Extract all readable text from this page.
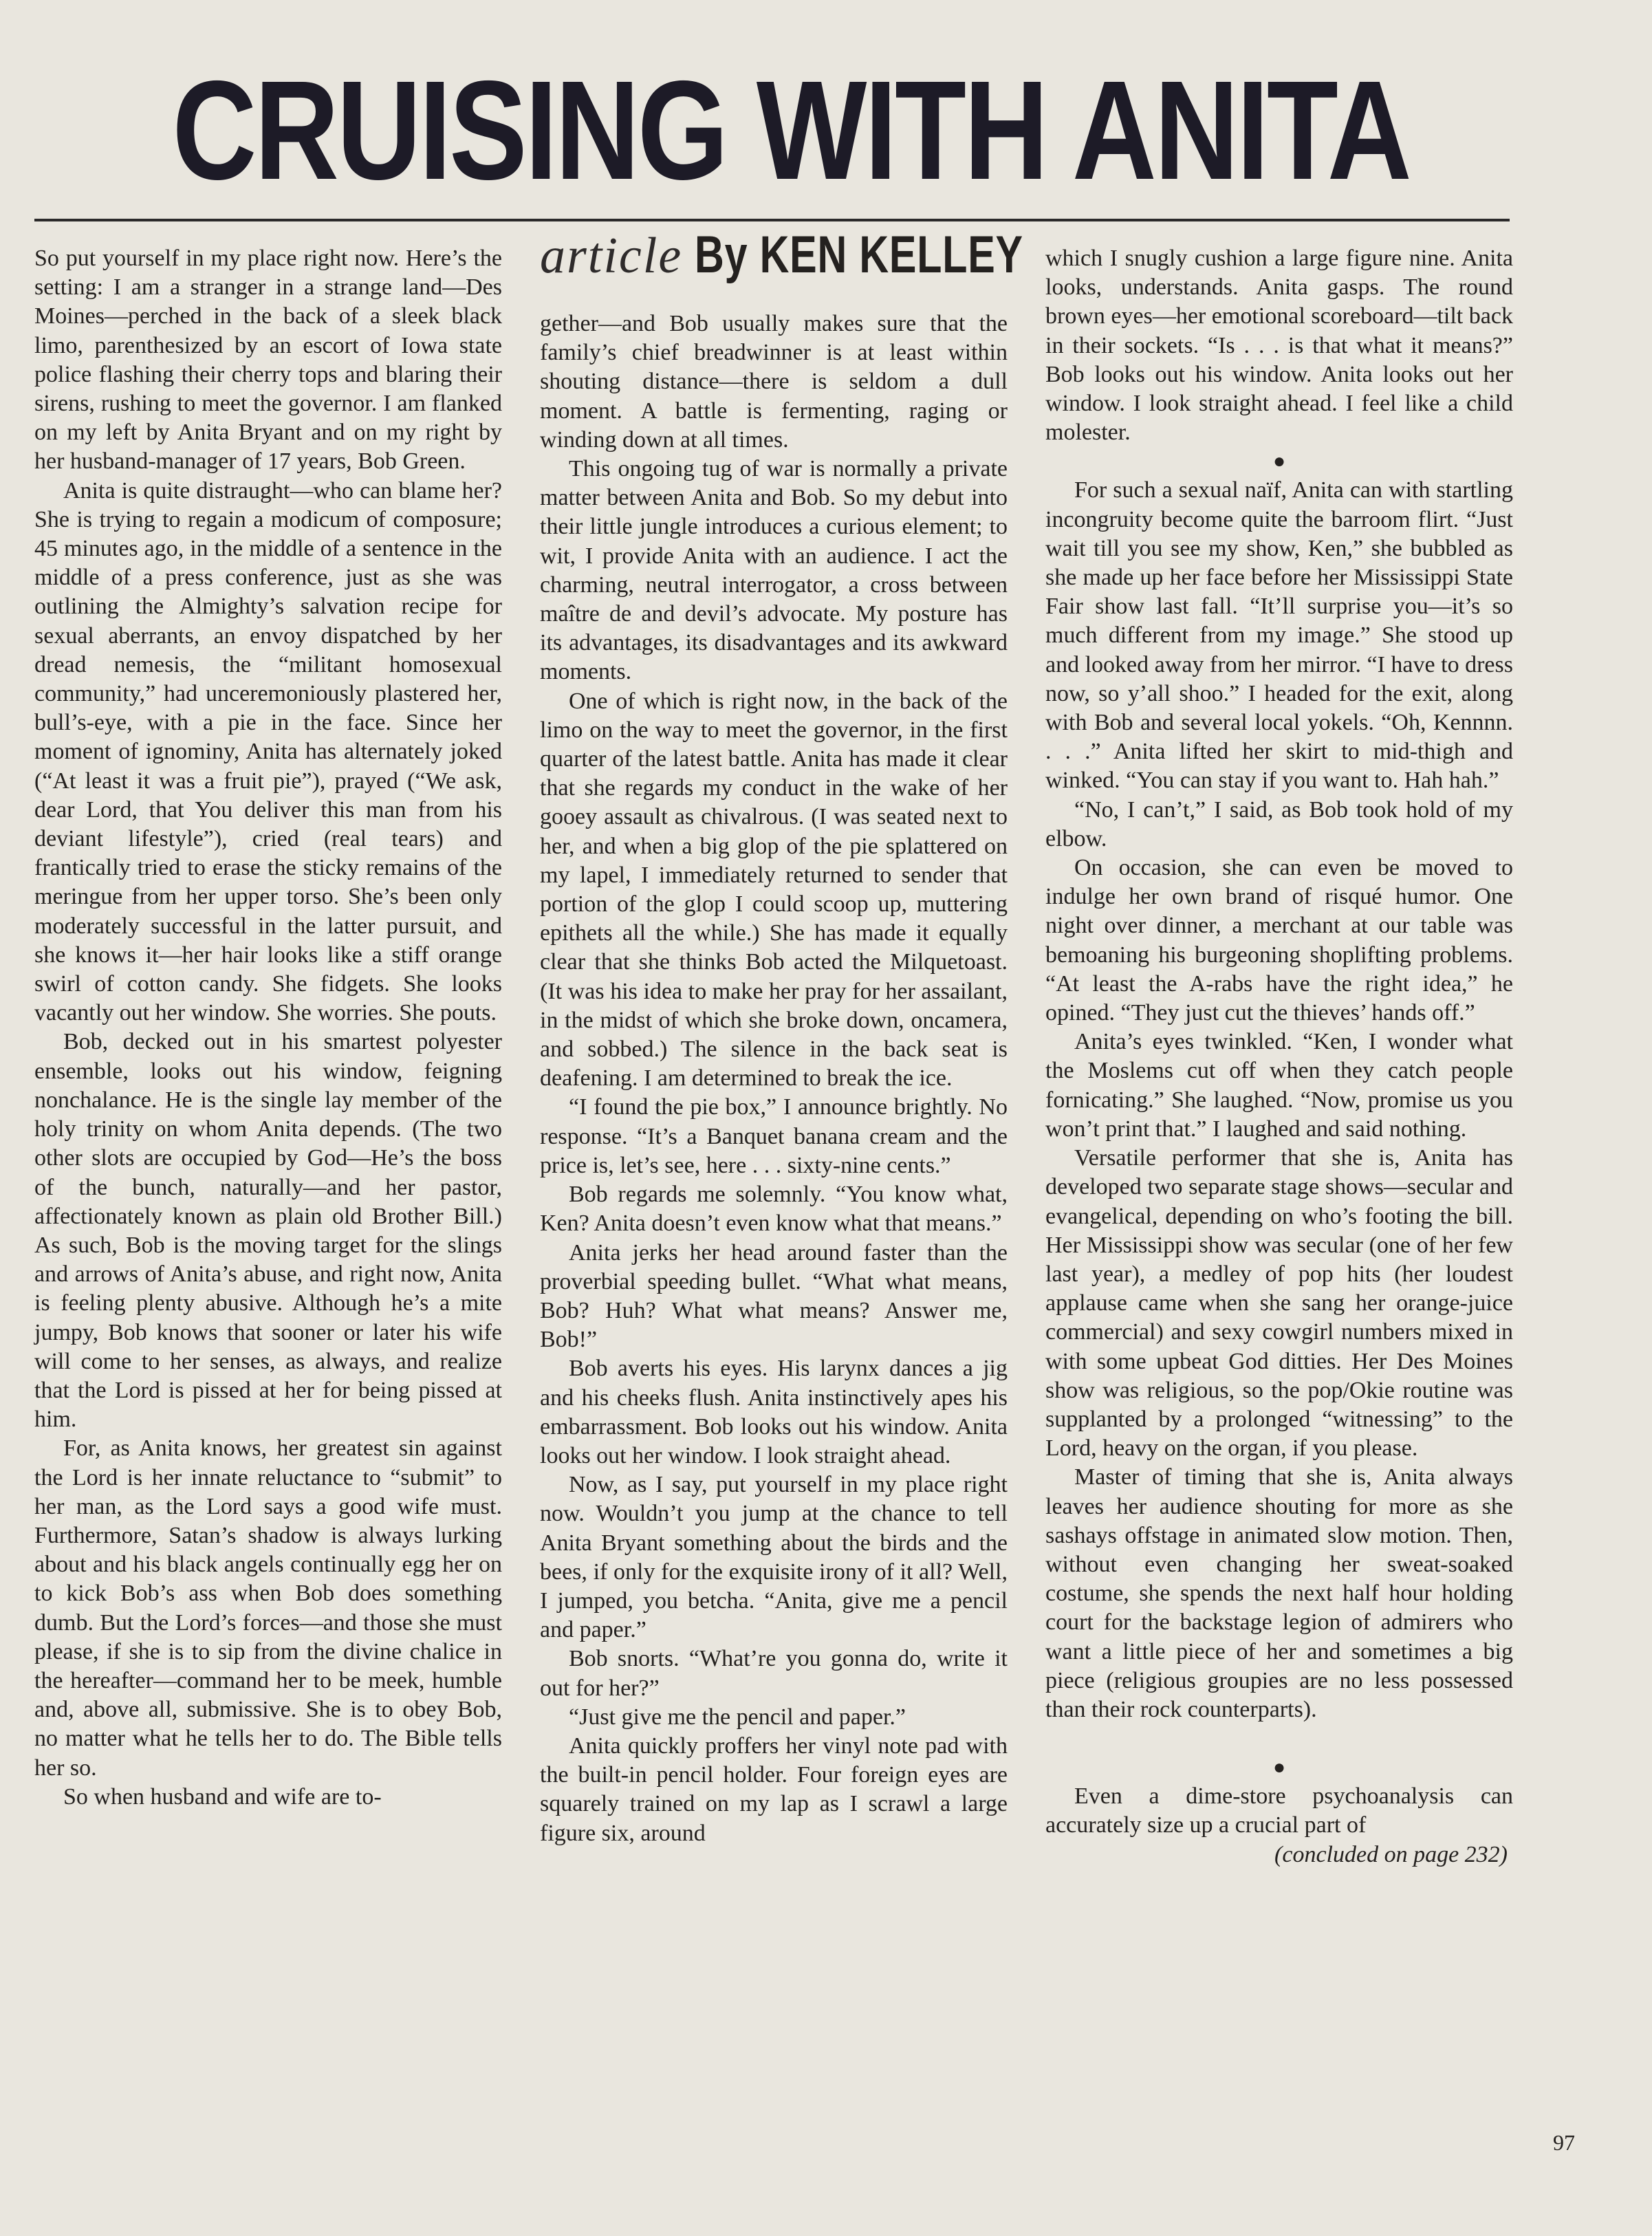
CRUISING WITH ANITA

So put yourself in my place right now. Here’s the setting: I am a stranger in a strange land—Des Moines—perched in the back of a sleek black limo, parenthesized by an escort of Iowa state police flashing their cherry tops and blaring their sirens, rushing to meet the governor. I am flanked on my left by Anita Bryant and on my right by her husband-manager of 17 years, Bob Green.

Anita is quite distraught—who can blame her? She is trying to regain a modicum of composure; 45 minutes ago, in the middle of a sentence in the middle of a press conference, just as she was outlining the Almighty’s salvation recipe for sexual aberrants, an envoy dispatched by her dread nemesis, the “militant homosexual community,” had unceremoniously plastered her, bull’s-eye, with a pie in the face. Since her moment of ignominy, Anita has alternately joked (“At least it was a fruit pie”), prayed (“We ask, dear Lord, that You deliver this man from his deviant lifestyle”), cried (real tears) and frantically tried to erase the sticky remains of the meringue from her upper torso. She’s been only moderately successful in the latter pursuit, and she knows it—her hair looks like a stiff orange swirl of cotton candy. She fidgets. She looks vacantly out her window. She worries. She pouts.

Bob, decked out in his smartest polyester ensemble, looks out his window, feigning nonchalance. He is the single lay member of the holy trinity on whom Anita depends. (The two other slots are occupied by God—He’s the boss of the bunch, naturally—and her pastor, affectionately known as plain old Brother Bill.) As such, Bob is the moving target for the slings and arrows of Anita’s abuse, and right now, Anita is feeling plenty abusive. Although he’s a mite jumpy, Bob knows that sooner or later his wife will come to her senses, as always, and realize that the Lord is pissed at her for being pissed at him.

For, as Anita knows, her greatest sin against the Lord is her innate reluctance to “submit” to her man, as the Lord says a good wife must. Furthermore, Satan’s shadow is always lurking about and his black angels continually egg her on to kick Bob’s ass when Bob does something dumb. But the Lord’s forces—and those she must please, if she is to sip from the divine chalice in the hereafter—command her to be meek, humble and, above all, submissive. She is to obey Bob, no matter what he tells her to do. The Bible tells her so.

So when husband and wife are to-

article By KEN KELLEY

gether—and Bob usually makes sure that the family’s chief breadwinner is at least within shouting distance—there is seldom a dull moment. A battle is fermenting, raging or winding down at all times.

This ongoing tug of war is normally a private matter between Anita and Bob. So my debut into their little jungle introduces a curious element; to wit, I provide Anita with an audience. I act the charming, neutral interrogator, a cross between maître de and devil’s advocate. My posture has its advantages, its disadvantages and its awkward moments.

One of which is right now, in the back of the limo on the way to meet the governor, in the first quarter of the latest battle. Anita has made it clear that she regards my conduct in the wake of her gooey assault as chivalrous. (I was seated next to her, and when a big glop of the pie splattered on my lapel, I immediately returned to sender that portion of the glop I could scoop up, muttering epithets all the while.) She has made it equally clear that she thinks Bob acted the Milquetoast. (It was his idea to make her pray for her assailant, in the midst of which she broke down, oncamera, and sobbed.) The silence in the back seat is deafening. I am determined to break the ice.

“I found the pie box,” I announce brightly. No response. “It’s a Banquet banana cream and the price is, let’s see, here . . . sixty-nine cents.”

Bob regards me solemnly. “You know what, Ken? Anita doesn’t even know what that means.”

Anita jerks her head around faster than the proverbial speeding bullet. “What what means, Bob? Huh? What what means? Answer me, Bob!”

Bob averts his eyes. His larynx dances a jig and his cheeks flush. Anita instinctively apes his embarrassment. Bob looks out his window. Anita looks out her window. I look straight ahead.

Now, as I say, put yourself in my place right now. Wouldn’t you jump at the chance to tell Anita Bryant something about the birds and the bees, if only for the exquisite irony of it all? Well, I jumped, you betcha. “Anita, give me a pencil and paper.”

Bob snorts. “What’re you gonna do, write it out for her?”

“Just give me the pencil and paper.”

Anita quickly proffers her vinyl note pad with the built-in pencil holder. Four foreign eyes are squarely trained on my lap as I scrawl a large figure six, around

which I snugly cushion a large figure nine. Anita looks, understands. Anita gasps. The round brown eyes—her emotional scoreboard—tilt back in their sockets. “Is . . . is that what it means?” Bob looks out his window. Anita looks out her window. I look straight ahead. I feel like a child molester.

●

For such a sexual naïf, Anita can with startling incongruity become quite the barroom flirt. “Just wait till you see my show, Ken,” she bubbled as she made up her face before her Mississippi State Fair show last fall. “It’ll surprise you—it’s so much different from my image.” She stood up and looked away from her mirror. “I have to dress now, so y’all shoo.” I headed for the exit, along with Bob and several local yokels. “Oh, Kennnn. . . .” Anita lifted her skirt to mid-thigh and winked. “You can stay if you want to. Hah hah.”

“No, I can’t,” I said, as Bob took hold of my elbow.

On occasion, she can even be moved to indulge her own brand of risqué humor. One night over dinner, a merchant at our table was bemoaning his burgeoning shoplifting problems. “At least the A-rabs have the right idea,” he opined. “They just cut the thieves’ hands off.”

Anita’s eyes twinkled. “Ken, I wonder what the Moslems cut off when they catch people fornicating.” She laughed. “Now, promise us you won’t print that.” I laughed and said nothing.

Versatile performer that she is, Anita has developed two separate stage shows—secular and evangelical, depending on who’s footing the bill. Her Mississippi show was secular (one of her few last year), a medley of pop hits (her loudest applause came when she sang her orange-juice commercial) and sexy cowgirl numbers mixed in with some upbeat God ditties. Her Des Moines show was religious, so the pop/Okie routine was supplanted by a prolonged “witnessing” to the Lord, heavy on the organ, if you please.

Master of timing that she is, Anita always leaves her audience shouting for more as she sashays offstage in animated slow motion. Then, without even changing her sweat-soaked costume, she spends the next half hour holding court for the backstage legion of admirers who want a little piece of her and sometimes a big piece (religious groupies are no less possessed than their rock counterparts).

●

Even a dime-store psychoanalysis can accurately size up a crucial part of

(concluded on page 232)
97
